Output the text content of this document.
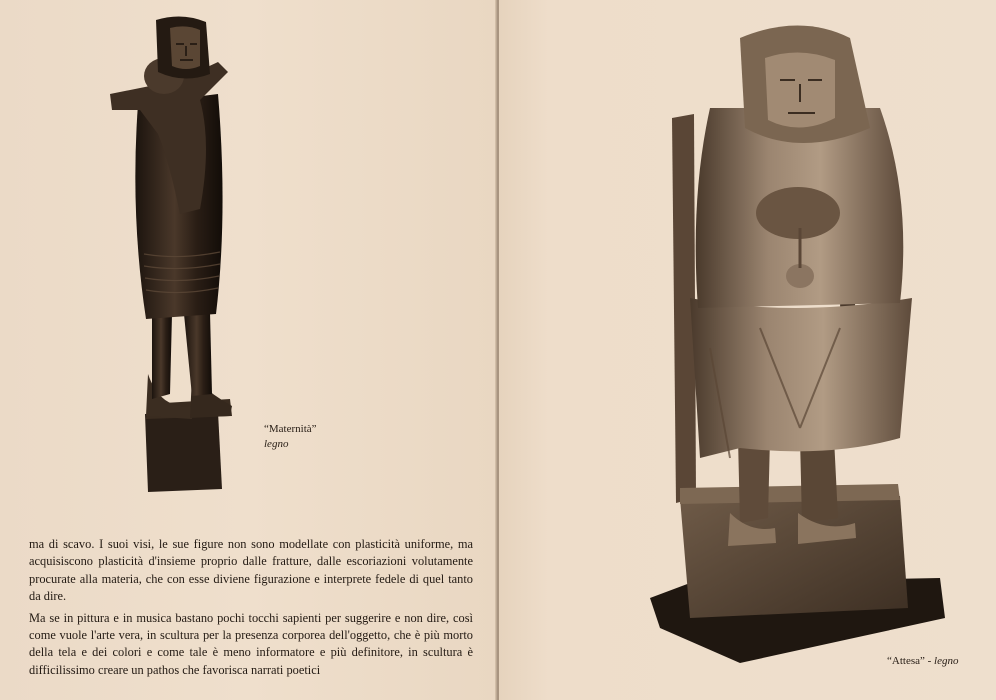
“Maternità”
legno

ma di scavo. I suoi visi, le sue figure non sono modellate con plasticità uniforme, ma acquisiscono plasticità d'insieme proprio dalle fratture, dalle escoriazioni volutamente procurate alla materia, che con esse diviene figurazione e interprete fedele di quel tanto da dire.

Ma se in pittura e in musica bastano pochi tocchi sapienti per suggerire e non dire, così come vuole l'arte vera, in scultura per la presenza corporea dell'oggetto, che è più morto della tela e dei colori e come tale è meno informatore e più definitore, in scultura è difficilissimo creare un pathos che favorisca narrati poetici

“Attesa” - legno
